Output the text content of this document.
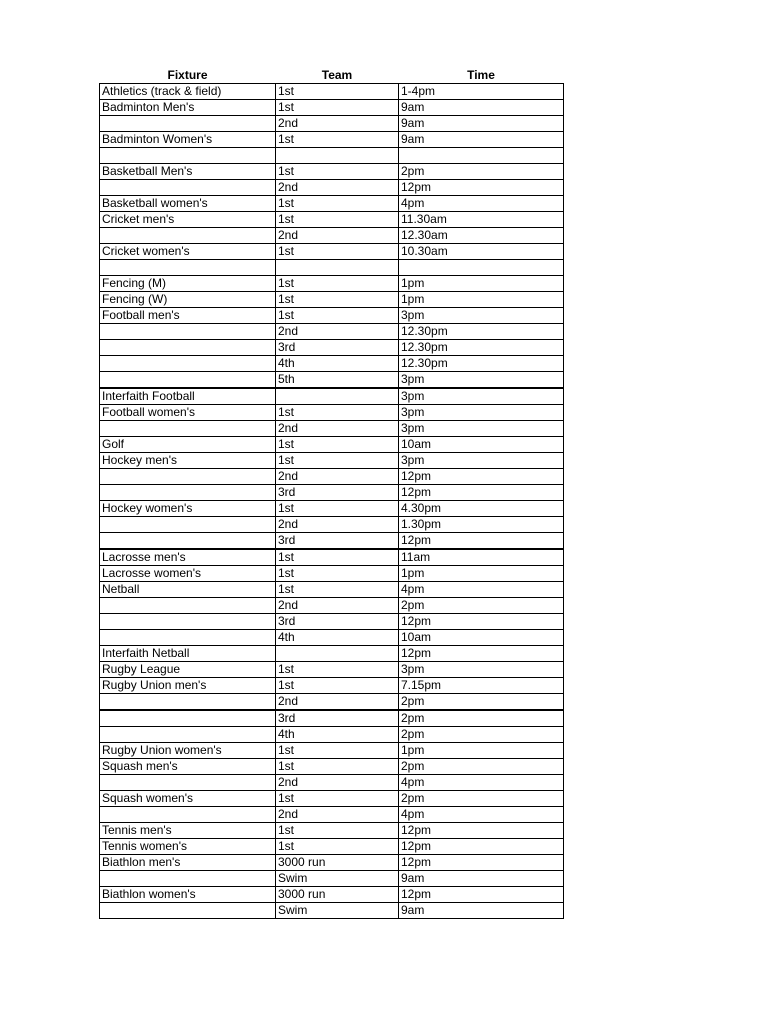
Fixture	Team	Time
Athletics (track & field)	1st	1-4pm
Badminton Men's	1st	9am
	2nd	9am
Badminton Women's	1st	9am

Basketball Men's	1st	2pm
	2nd	12pm
Basketball women's	1st	4pm
Cricket men's	1st	11.30am
	2nd	12.30am
Cricket women's	1st	10.30am

Fencing (M)	1st	1pm
Fencing (W)	1st	1pm
Football men's	1st	3pm
	2nd	12.30pm
	3rd	12.30pm
	4th	12.30pm
	5th	3pm
Interfaith Football		3pm
Football women's	1st	3pm
	2nd	3pm
Golf	1st	10am
Hockey men's	1st	3pm
	2nd	12pm
	3rd	12pm
Hockey women's	1st	4.30pm
	2nd	1.30pm
	3rd	12pm
Lacrosse men's	1st	11am
Lacrosse women's	1st	1pm
Netball	1st	4pm
	2nd	2pm
	3rd	12pm
	4th	10am
Interfaith Netball		12pm
Rugby League	1st	3pm
Rugby Union men's	1st	7.15pm
	2nd	2pm
	3rd	2pm
	4th	2pm
Rugby Union women's	1st	1pm
Squash men's	1st	2pm
	2nd	4pm
Squash women's	1st	2pm
	2nd	4pm
Tennis men's	1st	12pm
Tennis women's	1st	12pm
Biathlon men's	3000 run	12pm
	Swim	9am
Biathlon women's	3000 run	12pm
	Swim	9am
